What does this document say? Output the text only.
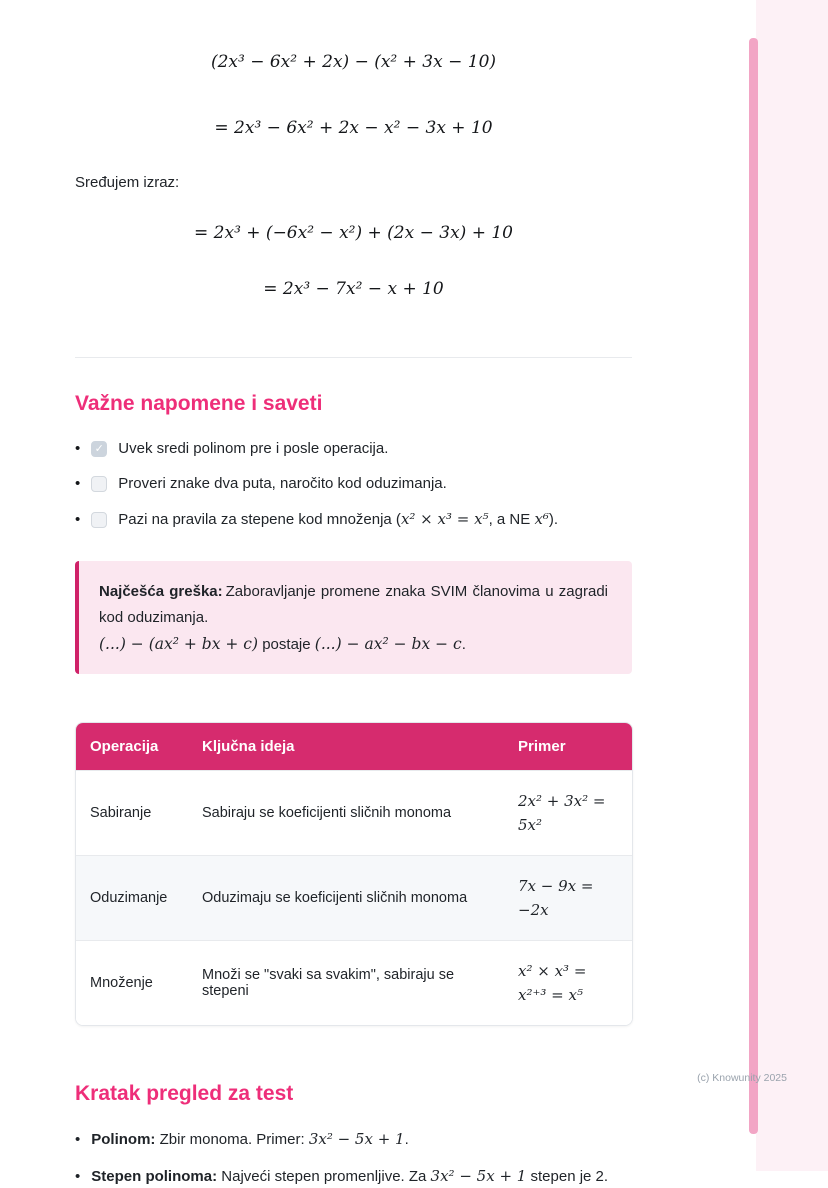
(2x³ − 6x² + 2x) − (x² + 3x − 10)

= 2x³ − 6x² + 2x − x² − 3x + 10

Sređujem izraz:

= 2x³ + (−6x² − x²) + (2x − 3x) + 10

= 2x³ − 7x² − x + 10

Važne napomene i saveti
✓
• Uvek sredi polinom pre i posle operacija.
• Proveri znake dva puta, naročito kod oduzimanja.
• Pazi na pravila za stepene kod množenja (x² × x³ = x⁵, a NE x⁶).

Najčešća greška: Zaboravljanje promene znaka SVIM članovima u zagradi kod oduzimanja.

(...) − (ax² + bx + c) postaje (...) − ax² − bx − c.

Operacija	Ključna ideja	Primer
Sabiranje	Sabiraju se koeficijenti sličnih monoma	2x² + 3x² = 5x²
Oduzimanje	Oduzimaju se koeficijenti sličnih monoma	7x − 9x = −2x
Množenje	Množi se "svaki sa svakim", sabiraju se stepeni	x² × x³ =
x²⁺³ = x⁵
Kratak pregled za test
• Polinom: Zbir monoma. Primer: 3x² − 5x + 1.
• Stepen polinoma: Najveći stepen promenljive. Za 3x² − 5x + 1 stepen je 2.
(c) Knowunity 2025
